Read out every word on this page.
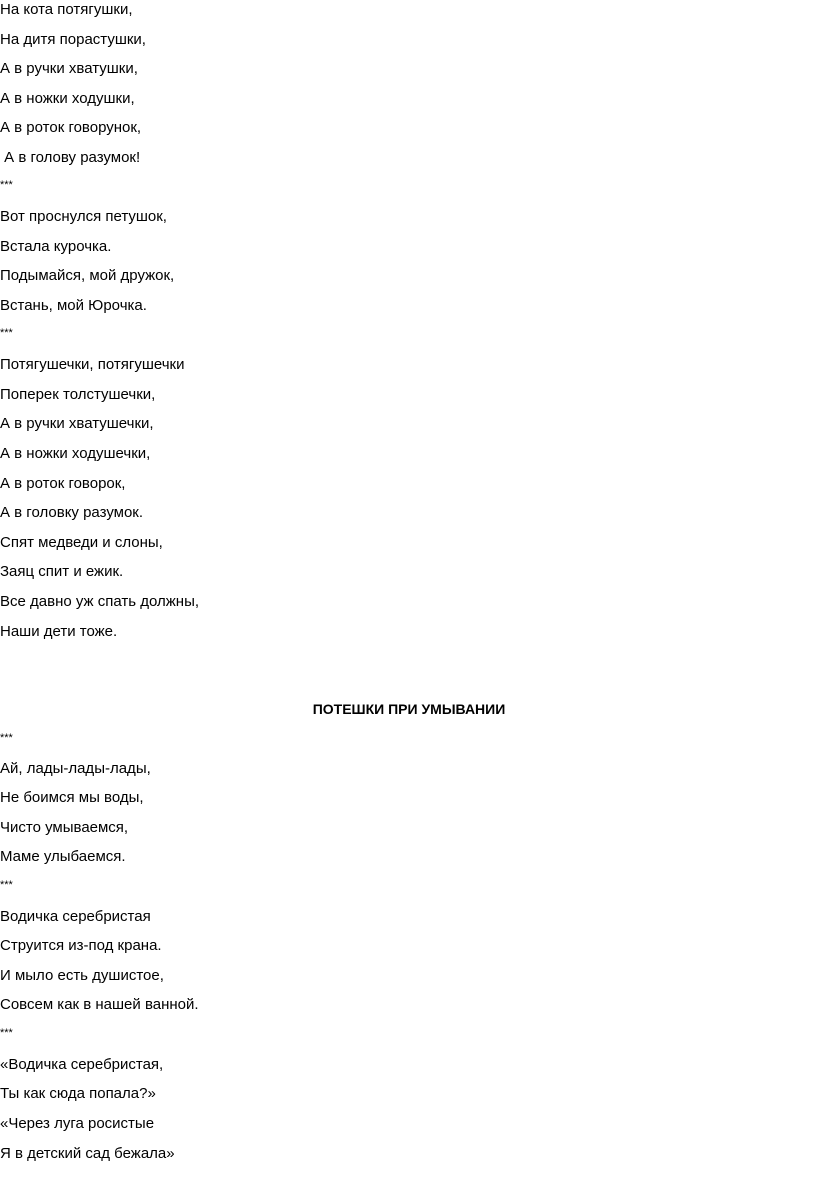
На кота потягушки,
На дитя порастушки,
А в ручки хватушки,
А в ножки ходушки,
А в роток говорунок,
А в голову разумок!
***
Вот проснулся петушок,
Встала курочка.
Подымайся, мой дружок,
Встань, мой Юрочка.
***
Потягушечки, потягушечки
Поперек толстушечки,
А в ручки хватушечки,
А в ножки ходушечки,
А в роток говорок,
А в головку разумок.
Спят медведи и слоны,
Заяц спит и ежик.
Все давно уж спать должны,
Наши дети тоже.
ПОТЕШКИ ПРИ УМЫВАНИИ
***
Ай, лады-лады-лады,
Не боимся мы воды,
Чисто умываемся,
Маме улыбаемся.
***
Водичка серебристая
Струится из-под крана.
И мыло есть душистое,
Совсем как в нашей ванной.
***
«Водичка серебристая,
Ты как сюда попала?»
«Через луга росистые
Я в детский сад бежала»
